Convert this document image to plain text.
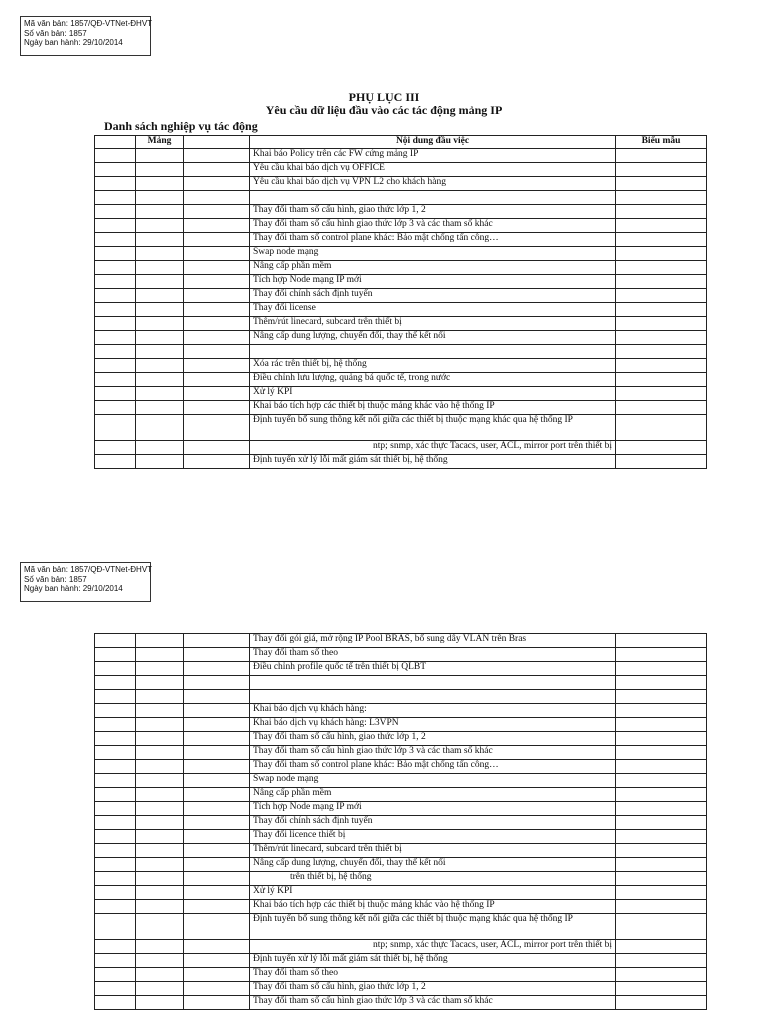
Mã văn bản: 1857/QĐ-VTNet-ĐHVT
Số văn bản: 1857
Ngày ban hành: 29/10/2014
PHỤ LỤC III
Yêu cầu dữ liệu đầu vào các tác động mảng IP
Danh sách nghiệp vụ tác động
	Mảng		Nội dung đầu việc	Biểu mẫu
			Khai báo Policy trên các FW cứng mảng IP	
			Yêu cầu khai báo dịch vụ OFFICE	
			Yêu cầu khai báo dịch vụ VPN L2 cho khách hàng	

			Thay đổi tham số cấu hình, giao thức lớp 1, 2	
			Thay đổi tham số cấu hình giao thức lớp 3 và các tham số khác	
			Thay đổi tham số control plane khác: Bảo mật chống tấn công…	
			Swap node mạng	
			Nâng cấp phần mềm	
			Tích hợp Node mạng IP mới	
			Thay đổi chính sách định tuyến	
			Thay đổi license	
			Thêm/rút linecard, subcard trên thiết bị	
			Nâng cấp dung lượng, chuyển đổi, thay thế kết nối	

			Xóa rác trên thiết bị, hệ thống	
			Điều chỉnh lưu lượng, quảng bá quốc tế, trong nước	
			Xử lý KPI	
			Khai báo tích hợp các thiết bị thuộc mảng khác vào hệ thống IP	
			Định tuyến bổ sung thông kết nối giữa các thiết bị thuộc mạng khác qua hệ thống IP	
			ntp; snmp, xác thực Tacacs, user, ACL, mirror port trên thiết bị	
			Định tuyến xử lý lỗi mất giám sát thiết bị, hệ thống	
Mã văn bản: 1857/QĐ-VTNet-ĐHVT
Số văn bản: 1857
Ngày ban hành: 29/10/2014
			Thay đổi gói giá, mở rộng IP Pool BRAS, bổ sung dây VLAN trên Bras	
			Thay đổi tham số theo	
			Điều chỉnh profile quốc tế trên thiết bị QLBT	

			Khai báo dịch vụ khách hàng:	
			Khai báo dịch vụ khách hàng: L3VPN	
			Thay đổi tham số cấu hình, giao thức lớp 1, 2	
			Thay đổi tham số cấu hình giao thức lớp 3 và các tham số khác	
			Thay đổi tham số control plane khác: Bảo mật chống tấn công…	
			Swap node mạng	
			Nâng cấp phần mềm	
			Tích hợp Node mạng IP mới	
			Thay đổi chính sách định tuyến	
			Thay đổi licence thiết bị	
			Thêm/rút linecard, subcard trên thiết bị	
			Nâng cấp dung lượng, chuyển đổi, thay thế kết nối	
			trên thiết bị, hệ thống	
			Xử lý KPI	
			Khai báo tích hợp các thiết bị thuộc mảng khác vào hệ thống IP	
			Định tuyến bổ sung thông kết nối giữa các thiết bị thuộc mạng khác qua hệ thống IP	
			ntp; snmp, xác thực Tacacs, user, ACL, mirror port trên thiết bị	
			Định tuyến xử lý lỗi mất giám sát thiết bị, hệ thống	
			Thay đổi tham số theo	
			Thay đổi tham số cấu hình, giao thức lớp 1, 2	
			Thay đổi tham số cấu hình giao thức lớp 3 và các tham số khác	
